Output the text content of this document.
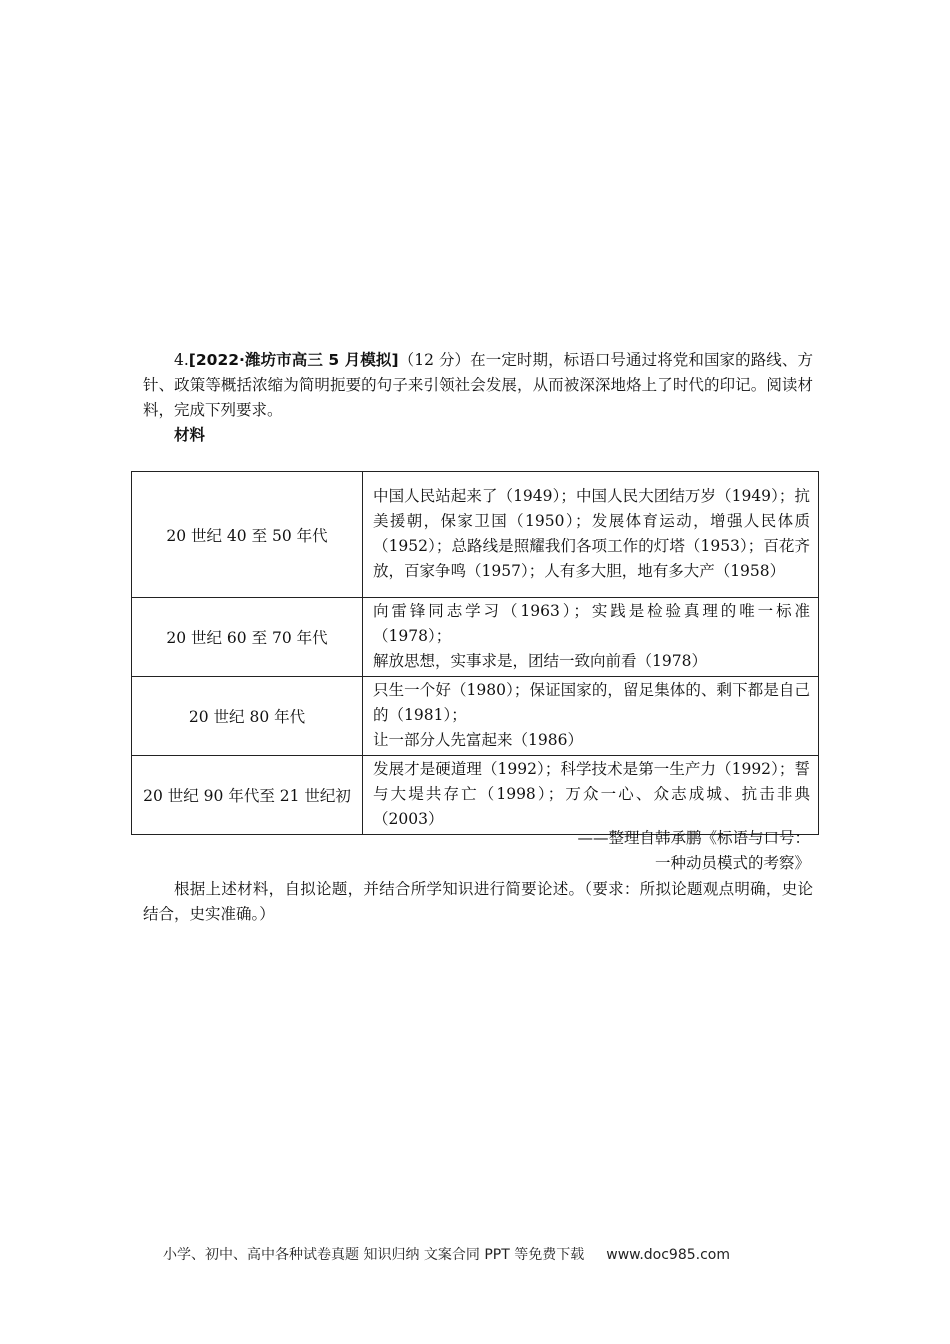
4.[2022·潍坊市高三 5 月模拟]（12 分）在一定时期，标语口号通过将党和国家的路线、方针、政策等概括浓缩为简明扼要的句子来引领社会发展，从而被深深地烙上了时代的印记。阅读材料，完成下列要求。

材料

20 世纪 40 至 50 年代	中国人民站起来了（1949）；中国人民大团结万岁（1949）；抗美援朝，保家卫国（1950）；发展体育运动，增强人民体质（1952）；总路线是照耀我们各项工作的灯塔（1953）；百花齐放，百家争鸣（1957）；人有多大胆，地有多大产（1958）

20 世纪 60 至 70 年代	向雷锋同志学习（1963）；实践是检验真理的唯一标准（1978）；
解放思想，实事求是，团结一致向前看（1978）

20 世纪 80 年代	只生一个好（1980）；保证国家的，留足集体的、剩下都是自己的（1981）；
让一部分人先富起来（1986）

20 世纪 90 年代至 21 世纪初	发展才是硬道理（1992）；科学技术是第一生产力（1992）；誓与大堤共存亡（1998）；万众一心、众志成城、抗击非典（2003）
——整理自韩承鹏《标语与口号：
一种动员模式的考察》

根据上述材料，自拟论题，并结合所学知识进行简要论述。（要求：所拟论题观点明确，史论结合，史实准确。）

小学、初中、高中各种试卷真题 知识归纳 文案合同 PPT 等免费下载 www.doc985.com
